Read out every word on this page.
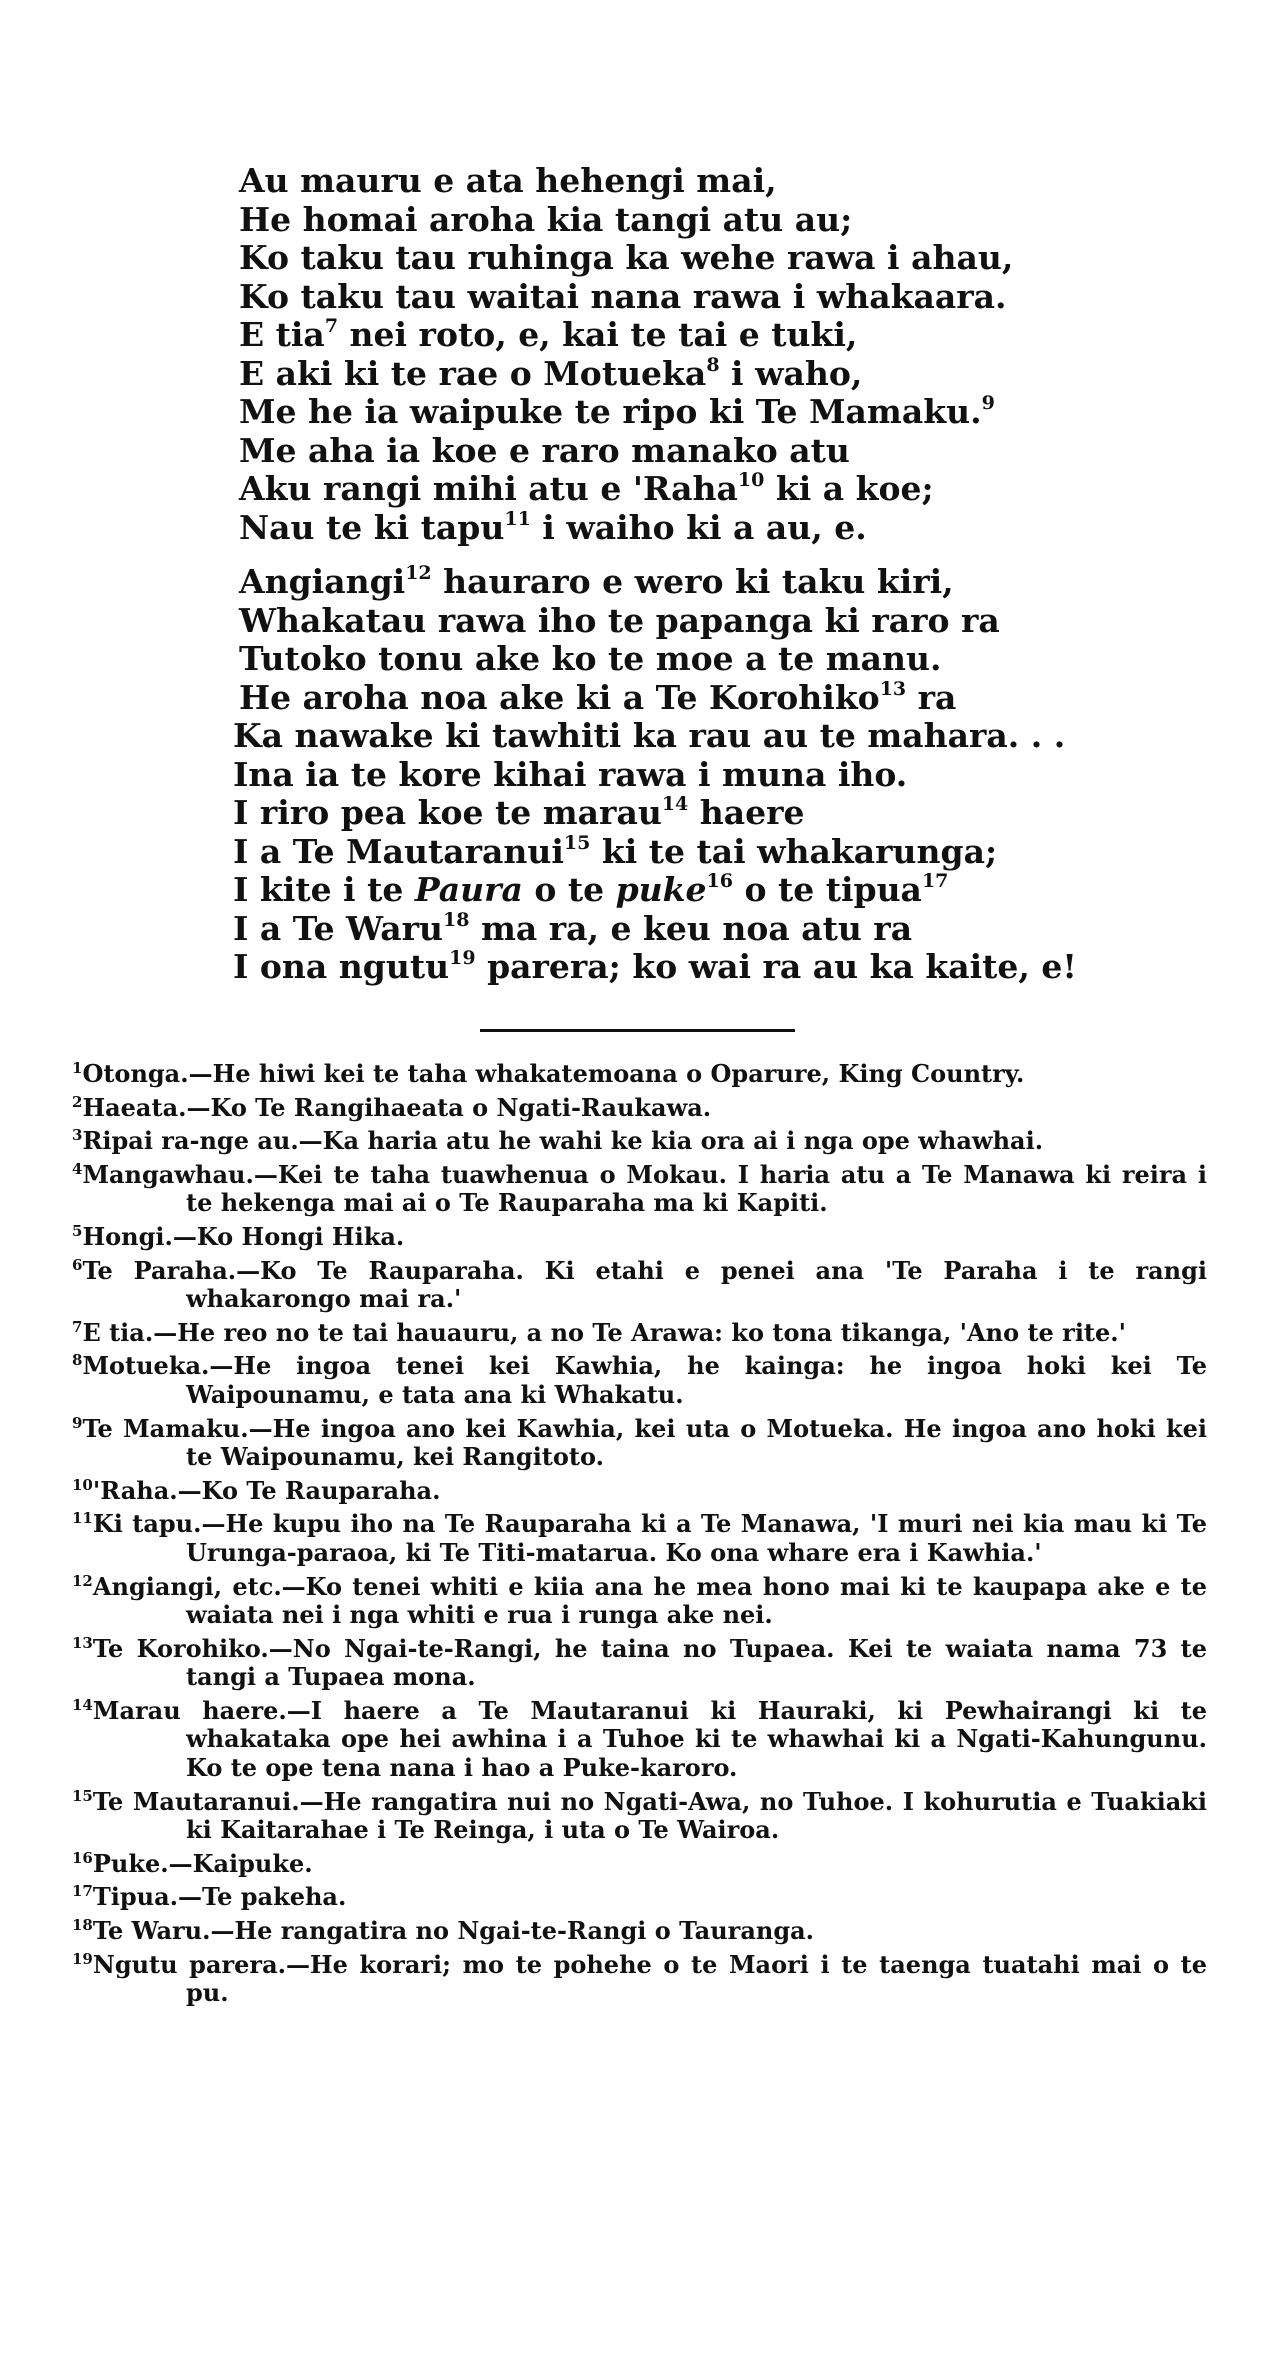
Au mauru e ata hehengi mai,
He homai aroha kia tangi atu au;
Ko taku tau ruhinga ka wehe rawa i ahau,
Ko taku tau waitai nana rawa i whakaara.
E tia$^7$ nei roto, e, kai te tai e tuki,
E aki ki te rae o Motueka$^8$ i waho,
Me he ia waipuke te ripo ki Te Mamaku.$^9$
Me aha ia koe e raro manako atu
Aku rangi mihi atu e 'Raha$^{10}$ ki a koe;
Nau te ki tapu$^{11}$ i waiho ki a au, e.
Angiangi$^{12}$ hauraro e wero ki taku kiri,
Whakatau rawa iho te papanga ki raro ra
Tutoko tonu ake ko te moe a te manu.
He aroha noa ake ki a Te Korohiko$^{13}$ ra
Ka nawake ki tawhiti ka rau au te mahara. . .
Ina ia te kore kihai rawa i muna iho.
I riro pea koe te marau$^{14}$ haere
I a Te Mautaranui$^{15}$ ki te tai whakarunga;
I kite i te Paura o te puke$^{16}$ o te tipua$^{17}$
I a Te Waru$^{18}$ ma ra, e keu noa atu ra
I ona ngutu$^{19}$ parera; ko wai ra au ka kaite, e!

1Otonga.—He hiwi kei te taha whakatemoana o Oparure, King Country.

2Haeata.—Ko Te Rangihaeata o Ngati-Raukawa.

3Ripai ra-nge au.—Ka haria atu he wahi ke kia ora ai i nga ope whawhai.

4Mangawhau.—Kei te taha tuawhenua o Mokau. I haria atu a Te Manawa ki reira i te hekenga mai ai o Te Rauparaha ma ki Kapiti.

5Hongi.—Ko Hongi Hika.

6Te Paraha.—Ko Te Rauparaha. Ki etahi e penei ana 'Te Paraha i te rangi whakarongo mai ra.'

7E tia.—He reo no te tai hauauru, a no Te Arawa: ko tona tikanga, 'Ano te rite.'

8Motueka.—He ingoa tenei kei Kawhia, he kainga: he ingoa hoki kei Te Waipounamu, e tata ana ki Whakatu.

9Te Mamaku.—He ingoa ano kei Kawhia, kei uta o Motueka. He ingoa ano hoki kei te Waipounamu, kei Rangitoto.

10'Raha.—Ko Te Rauparaha.

11Ki tapu.—He kupu iho na Te Rauparaha ki a Te Manawa, 'I muri nei kia mau ki Te Urunga-paraoa, ki Te Titi-matarua. Ko ona whare era i Kawhia.'

12Angiangi, etc.—Ko tenei whiti e kiia ana he mea hono mai ki te kaupapa ake e te waiata nei i nga whiti e rua i runga ake nei.

13Te Korohiko.—No Ngai-te-Rangi, he taina no Tupaea. Kei te waiata nama 73 te tangi a Tupaea mona.

14Marau haere.—I haere a Te Mautaranui ki Hauraki, ki Pewhairangi ki te whakataka ope hei awhina i a Tuhoe ki te whawhai ki a Ngati-Kahungunu. Ko te ope tena nana i hao a Puke-karoro.

15Te Mautaranui.—He rangatira nui no Ngati-Awa, no Tuhoe. I kohurutia e Tuakiaki ki Kaitarahae i Te Reinga, i uta o Te Wairoa.

16Puke.—Kaipuke.

17Tipua.—Te pakeha.

18Te Waru.—He rangatira no Ngai-te-Rangi o Tauranga.

19Ngutu parera.—He korari; mo te pohehe o te Maori i te taenga tuatahi mai o te pu.
